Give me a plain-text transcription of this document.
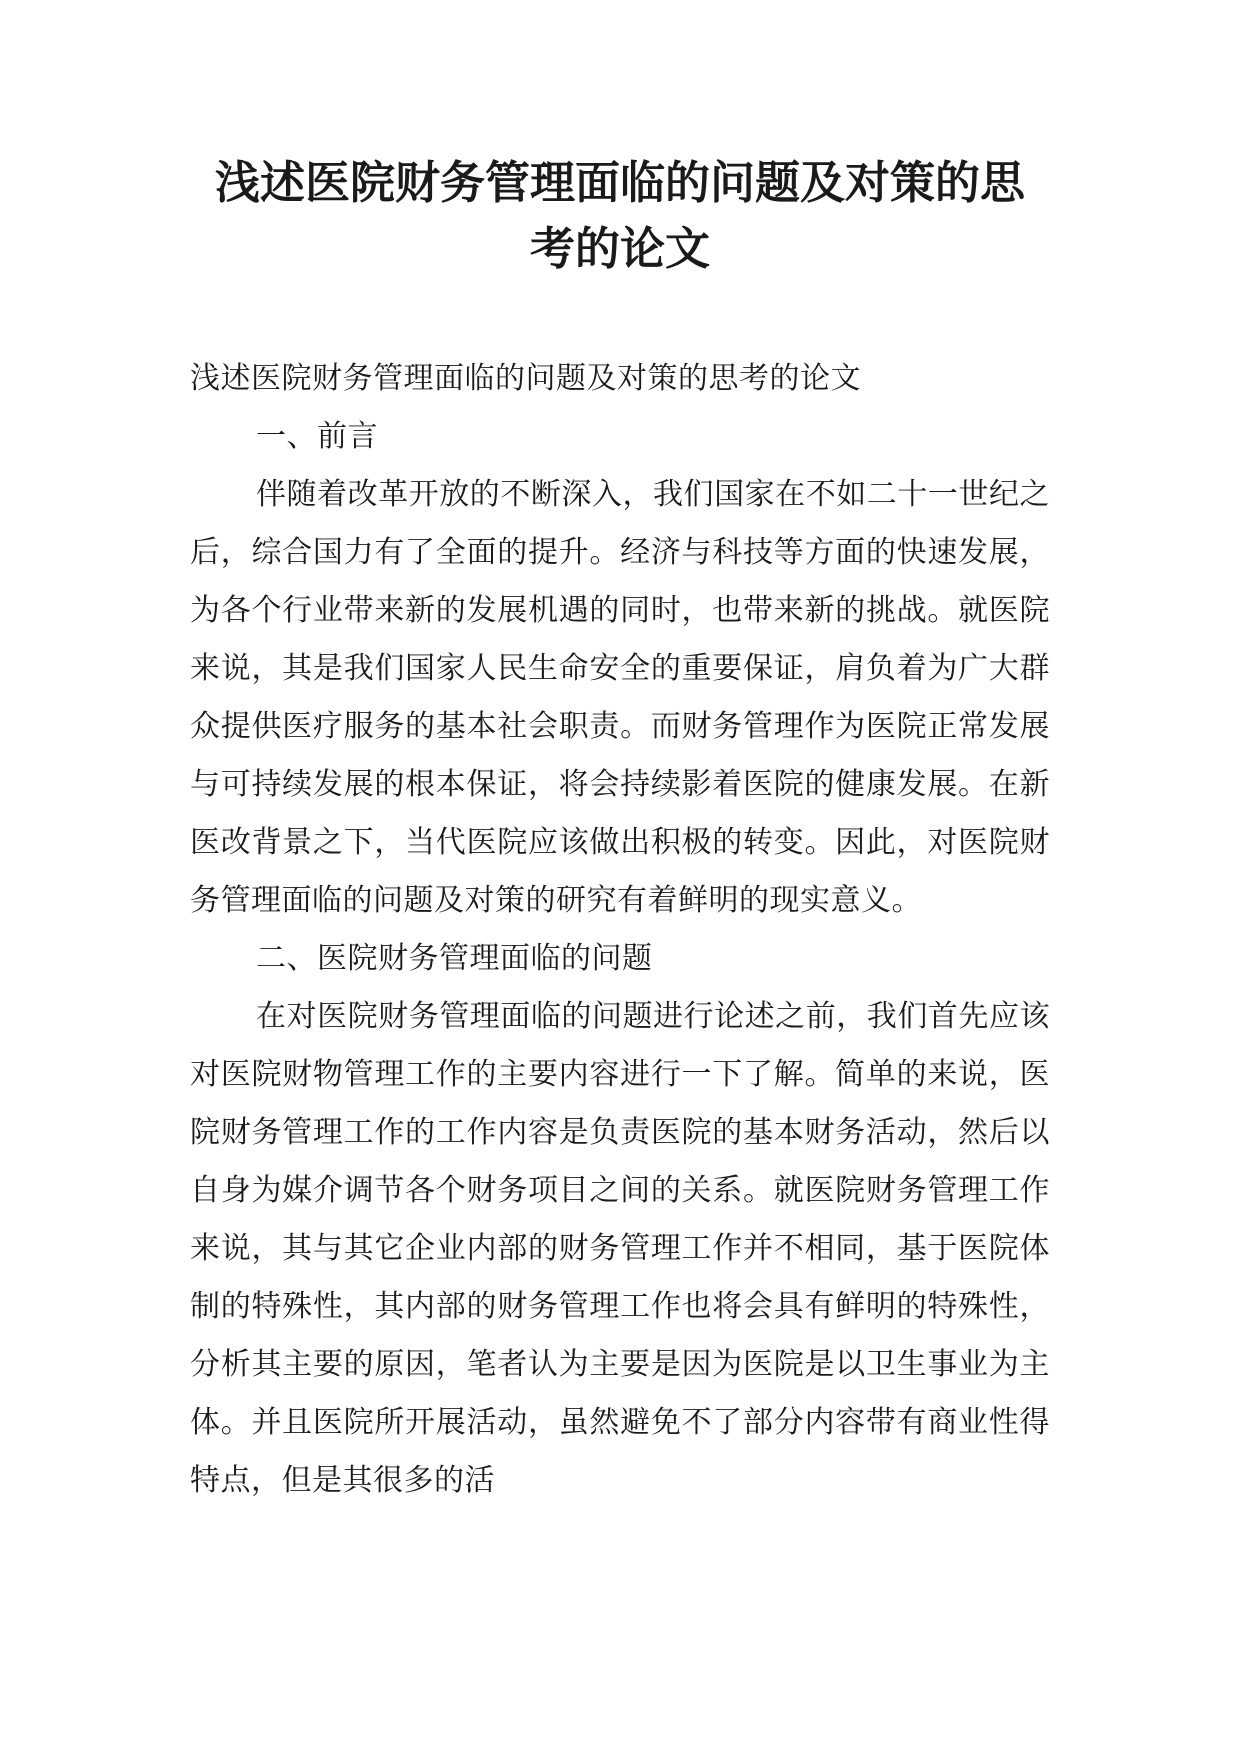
浅述医院财务管理面临的问题及对策的思
考的论文

浅述医院财务管理面临的问题及对策的思考的论文

一、前言

伴随着改革开放的不断深入，我们国家在不如二十一世纪之后，综合国力有了全面的提升。经济与科技等方面的快速发展，为各个行业带来新的发展机遇的同时，也带来新的挑战。就医院来说，其是我们国家人民生命安全的重要保证，肩负着为广大群众提供医疗服务的基本社会职责。而财务管理作为医院正常发展与可持续发展的根本保证，将会持续影着医院的健康发展。在新医改背景之下，当代医院应该做出积极的转变。因此，对医院财务管理面临的问题及对策的研究有着鲜明的现实意义。

二、医院财务管理面临的问题

在对医院财务管理面临的问题进行论述之前，我们首先应该对医院财物管理工作的主要内容进行一下了解。简单的来说，医院财务管理工作的工作内容是负责医院的基本财务活动，然后以自身为媒介调节各个财务项目之间的关系。就医院财务管理工作来说，其与其它企业内部的财务管理工作并不相同，基于医院体制的特殊性，其内部的财务管理工作也将会具有鲜明的特殊性，分析其主要的原因，笔者认为主要是因为医院是以卫生事业为主体。并且医院所开展活动，虽然避免不了部分内容带有商业性得特点，但是其很多的活
